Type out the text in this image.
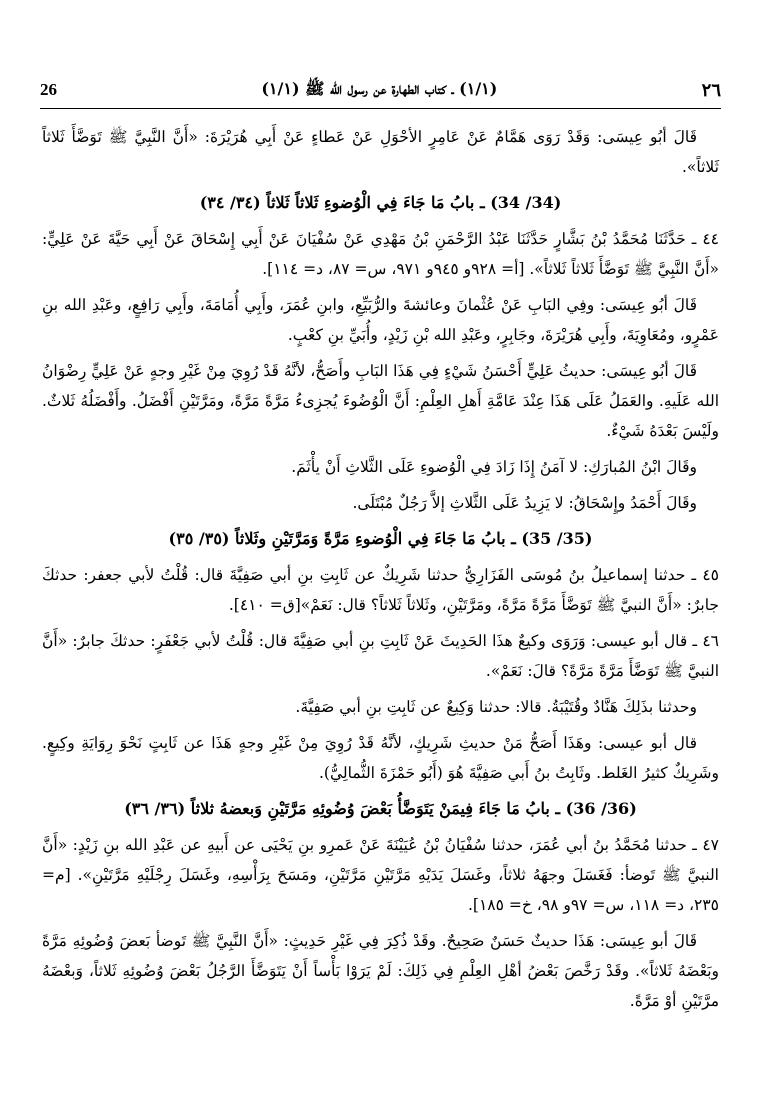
26	(١/١) ـ كتاب الطهارة عن رسول الله ﷺ (١/١)	٢٦

قَالَ أبُو عِيسَى: وَقَدْ رَوَى هَمَّامٌ عَنْ عَامِرٍ الأحْوَلِ عَنْ عَطاءٍ عَنْ أَبِي هُرَيْرَةَ: «أَنَّ النَّبِيَّ ﷺ تَوَضَّأَ ثَلاثاً ثَلاثاً».

(34/ 34) ـ بابُ مَا جَاءَ فِي الْوُضوءِ ثَلاثاً ثَلاثاً (٣٤/ ٣٤)

٤٤ ـ حَدَّثَنَا مُحَمَّدُ بْنُ بَشَّارٍ حَدَّثَنَا عَبْدُ الرَّحْمَنِ بْنُ مَهْدِي عَنْ سُفْيَانَ عَنْ أَبِي إِسْحَاقَ عَنْ أَبِي حَيَّةَ عَنْ عَلِيٍّ: «أَنَّ النَّبِيَّ ﷺ تَوَضَّأَ ثَلاثاً ثَلاثاً». [أ= ٩٢٨و ٩٤٥و ٩٧١، س= ٨٧، د= ١١٤].

قَالَ أبُو عِيسَى: وفِي البَابِ عَنْ عُثْمانَ وعائشةَ والرُّبَيِّعِ، وابنِ عُمَرَ، وأَبِي أُمَامَةَ، وأَبِي رَافِعٍ، وعَبْدِ الله بنِ عَمْرٍو، ومُعَاوِيَةَ، وأَبِي هُرَيْرَةَ، وجَابِرٍ، وعَبْدِ الله بْنِ زَيْدٍ، وأُبَيِّ بنِ كعْبٍ.

قَالَ أبُو عِيسَى: حديثُ عَلِيٍّ أَحْسَنُ شَيْءٍ فِي هَذَا البَابِ وأَصَحُّ، لأنَّهُ قَدْ رُوِيَ مِنْ غَيْرِ وجهٍ عَنْ عَلِيٍّ رِضْوَانُ الله عَلَيهِ. والعَمَلُ عَلَى هَذَا عِنْدَ عَامَّةِ أَهلِ العِلْمِ: أَنَّ الْوُضُوءَ يُجزِىءُ مَرَّةً مَرَّةً، ومَرَّتَيْنِ أَفْضَلُ. وأَفْضَلُهُ ثَلاثٌ. ولَيْسَ بَعْدَهُ شَيْءٌ.

وقَالَ ابْنُ المُبارَكِ: لا آمَنُ إِذَا زَادَ فِي الْوُضوءِ عَلَى الثَّلاثِ أَنْ يأْثَمَ.

وقَالَ أَحْمَدُ وإِسْحَاقُ: لا يَزِيدُ عَلَى الثَّلاثِ إلاَّ رَجُلٌ مُبْتَلَى.

(35/ 35) ـ بابُ مَا جَاءَ فِي الْوُضوءِ مَرَّةً وَمَرَّتَيْنِ وثَلاثاً (٣٥/ ٣٥)

٤٥ ـ حدثنا إسماعيلُ بنُ مُوسَى الفَزَارِيُّ حدثنا شَرِيكٌ عن ثَابِتِ بنِ أبي صَفِيَّةَ قال: قُلْتُ لأبي جعفر: حدثكَ جابرٌ: «أَنَّ النبيَّ ﷺ تَوَضَّأَ مَرَّةً مَرَّةً، ومَرَّتَيْنِ، وثَلاثاً ثَلاثاً؟ قال: نَعَمْ»[ق= ٤١٠].

٤٦ ـ قال أبو عيسى: وَرَوَى وكيعٌ هذَا الحَدِيثَ عَنْ ثَابِتِ بنِ أبي صَفِيَّةَ قال: قُلْتُ لأبي جَعْفَرٍ: حدثكَ جابرٌ: «أَنَّ النبيَّ ﷺ تَوَضَّأَ مَرَّةً مَرَّةً؟ قالَ: نَعَمْ».

وحدثنا بذَلِكَ هَنَّادٌ وقُتَيْبَةُ. قالا: حدثنا وَكِيعٌ عن ثَابِتِ بنِ أبي صَفِيَّةَ.

قال أبو عيسى: وهَذَا أَصَحُّ مَنْ حديثِ شَرِيكٍ، لأنَّهُ قَدْ رُوِيَ مِنْ غَيْرِ وجهٍ هَذَا عن ثَابِتٍ نَحْوَ رِوَايَةِ وكِيعٍ. وشَرِيكٌ كثيرُ الغَلط. وثَابِتُ بنُ أَبي صَفِيَّةَ هُوَ (أَبُو حَمْزَةَ الثُّمالِيُّ).

(36/ 36) ـ بابُ مَا جَاءَ فِيمَنْ يَتَوَضَّأُ بَعْضَ وُضُوئِهِ مَرَّتَيْنِ وَبعضهُ ثلاثاً (٣٦/ ٣٦)

٤٧ ـ حدثنا مُحَمَّدُ بنُ أبي عُمَرَ، حدثنا سُفْيَانُ بْنُ عُيَيْنَةَ عَنْ عَمرِو بنِ يَحْيَى عن أَبيهِ عن عَبْدِ الله بنِ زَيْدٍ: «أَنَّ النبيَّ ﷺ تَوضأ: فَغَسَلَ وجهَهُ ثلاثاً، وغَسَلَ يَدَيْهِ مَرَّتَيْنِ مَرَّتَيْنِ، ومَسَحَ بِرَأْسِهِ، وغَسَلَ رِجْلَيْهِ مَرَّتَيْنِ». [م= ٢٣٥، د= ١١٨، س= ٩٧و ٩٨، خ= ١٨٥].

قَالَ أبو عِيسَى: هَذَا حديثٌ حَسَنٌ صَحِيحٌ. وقَدْ ذُكِرَ فِي غَيْرِ حَدِيثٍ: «أَنَّ النَّبِيَّ ﷺ تَوضأ بَعضَ وُضُوئِهِ مَرَّةً وبَعْضَهُ ثَلاثاً». وقَدْ رَخَّصَ بَعْضُ أهْلِ العِلْمِ فِي ذَلِكَ: لَمْ يَرَوْا بَأْساً أَنْ يَتَوَضَّأَ الرَّجُلُ بَعْضَ وُضُوئِهِ ثَلاثاً، وَبعْضَهُ مرَّتَيْنِ أوْ مَرَّةً.
